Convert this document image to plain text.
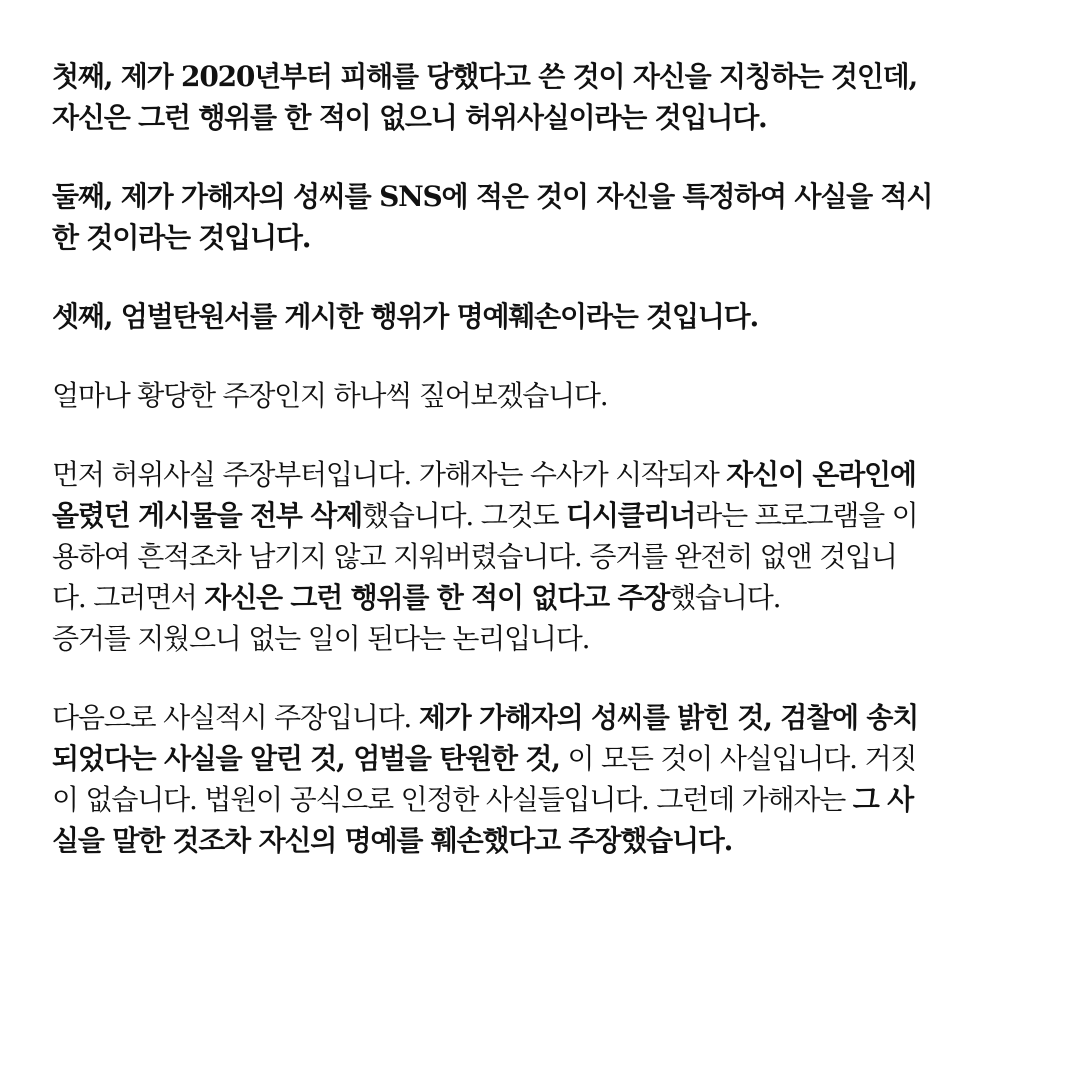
첫째, 제가 2020년부터 피해를 당했다고 쓴 것이 자신을 지칭하는 것인데,
자신은 그런 행위를 한 적이 없으니 허위사실이라는 것입니다.

둘째, 제가 가해자의 성씨를 SNS에 적은 것이 자신을 특정하여 사실을 적시
한 것이라는 것입니다.

셋째, 엄벌탄원서를 게시한 행위가 명예훼손이라는 것입니다.

얼마나 황당한 주장인지 하나씩 짚어보겠습니다.

먼저 허위사실 주장부터입니다. 가해자는 수사가 시작되자 자신이 온라인에
올렸던 게시물을 전부 삭제했습니다. 그것도 디시클리너라는 프로그램을 이
용하여 흔적조차 남기지 않고 지워버렸습니다. 증거를 완전히 없앤 것입니
다. 그러면서 자신은 그런 행위를 한 적이 없다고 주장했습니다.
증거를 지웠으니 없는 일이 된다는 논리입니다.

다음으로 사실적시 주장입니다. 제가 가해자의 성씨를 밝힌 것, 검찰에 송치
되었다는 사실을 알린 것, 엄벌을 탄원한 것, 이 모든 것이 사실입니다. 거짓
이 없습니다. 법원이 공식으로 인정한 사실들입니다. 그런데 가해자는 그 사
실을 말한 것조차 자신의 명예를 훼손했다고 주장했습니다.
